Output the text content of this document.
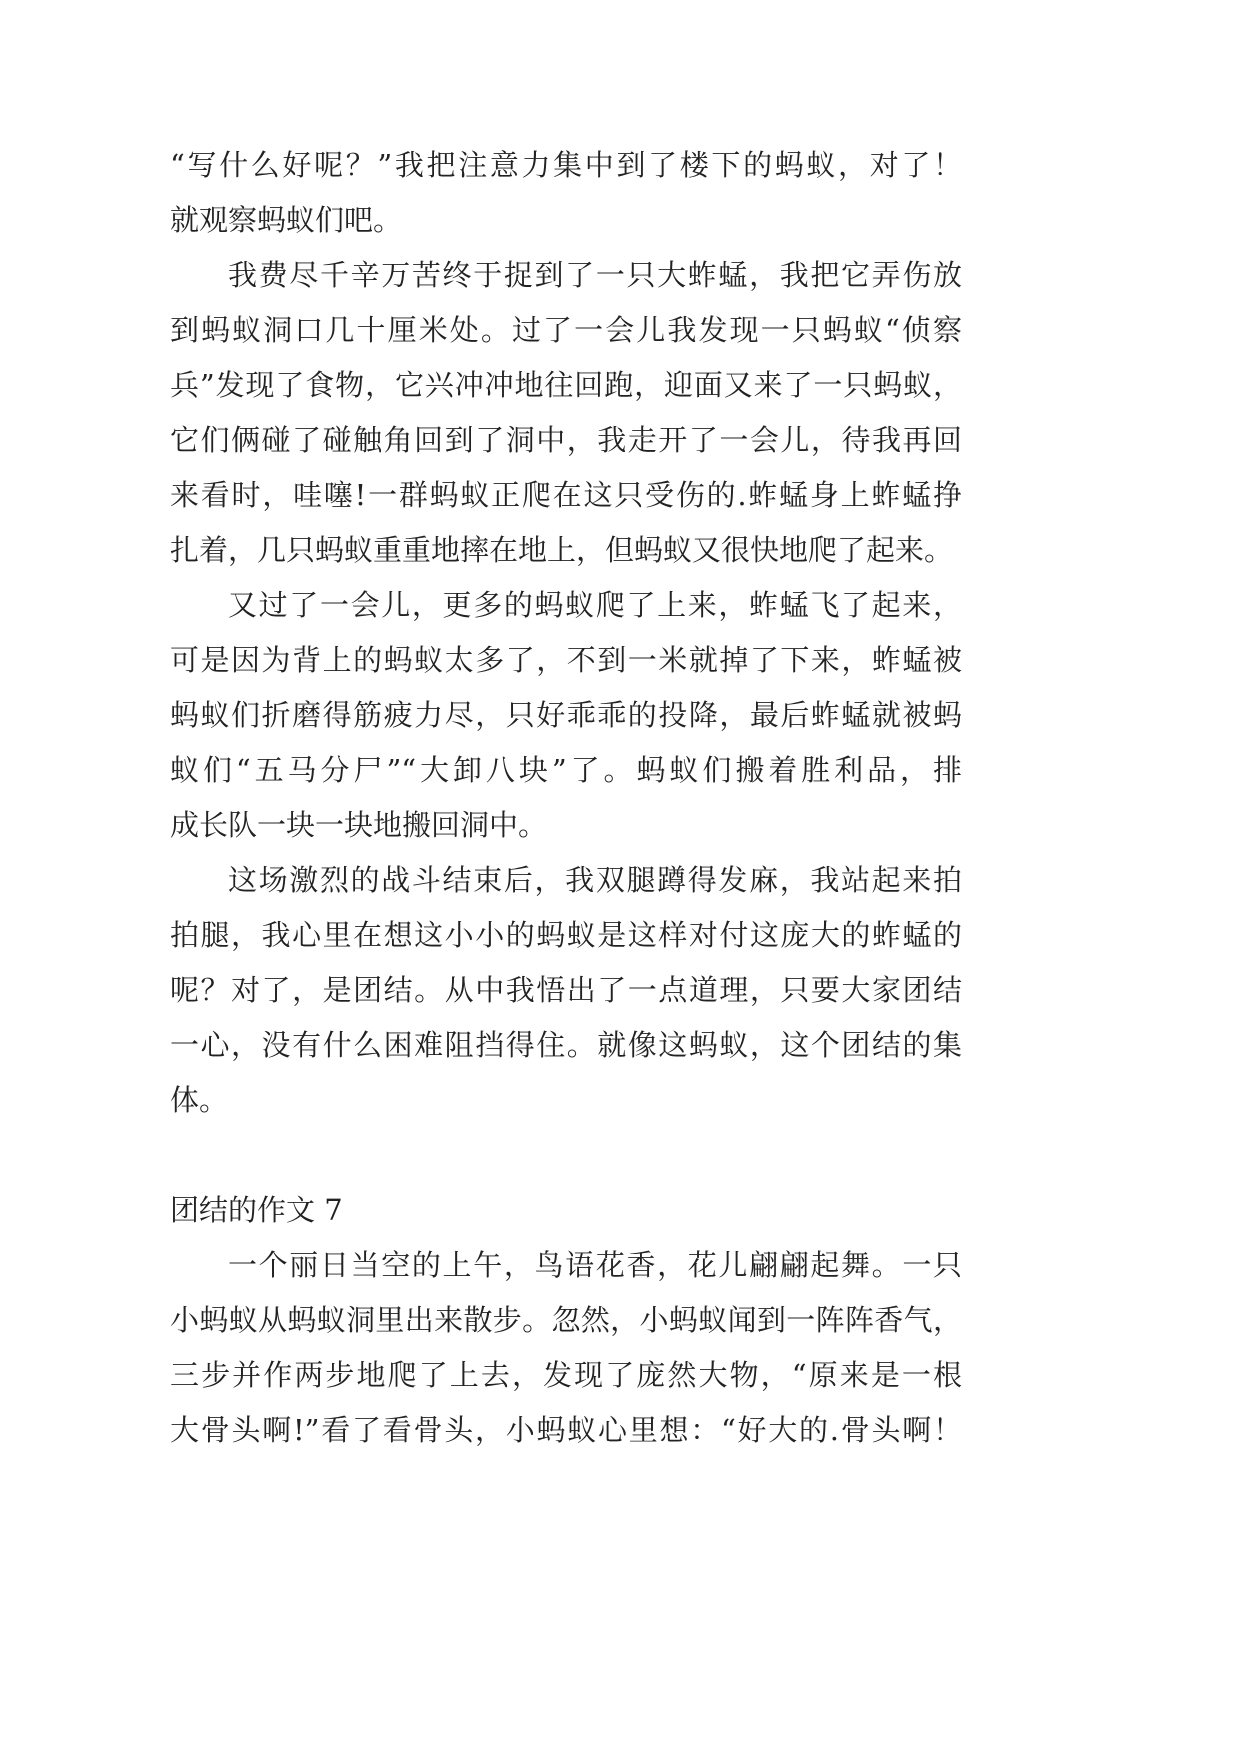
“写什么好呢？”我把注意力集中到了楼下的蚂蚁，对了！
就观察蚂蚁们吧。
我费尽千辛万苦终于捉到了一只大蚱蜢，我把它弄伤放
到蚂蚁洞口几十厘米处。过了一会儿我发现一只蚂蚁“侦察
兵”发现了食物，它兴冲冲地往回跑，迎面又来了一只蚂蚁，
它们俩碰了碰触角回到了洞中，我走开了一会儿，待我再回
来看时，哇噻!一群蚂蚁正爬在这只受伤的.蚱蜢身上蚱蜢挣
扎着，几只蚂蚁重重地摔在地上，但蚂蚁又很快地爬了起来。
又过了一会儿，更多的蚂蚁爬了上来，蚱蜢飞了起来，
可是因为背上的蚂蚁太多了，不到一米就掉了下来，蚱蜢被
蚂蚁们折磨得筋疲力尽，只好乖乖的投降，最后蚱蜢就被蚂
蚁们“五马分尸”“大卸八块”了。蚂蚁们搬着胜利品，排
成长队一块一块地搬回洞中。
这场激烈的战斗结束后，我双腿蹲得发麻，我站起来拍
拍腿，我心里在想这小小的蚂蚁是这样对付这庞大的蚱蜢的
呢？对了，是团结。从中我悟出了一点道理，只要大家团结
一心，没有什么困难阻挡得住。就像这蚂蚁，这个团结的集
体。
团结的作文 7
一个丽日当空的上午，鸟语花香，花儿翩翩起舞。一只
小蚂蚁从蚂蚁洞里出来散步。忽然，小蚂蚁闻到一阵阵香气，
三步并作两步地爬了上去，发现了庞然大物，“原来是一根
大骨头啊!”看了看骨头，小蚂蚁心里想：“好大的.骨头啊！
